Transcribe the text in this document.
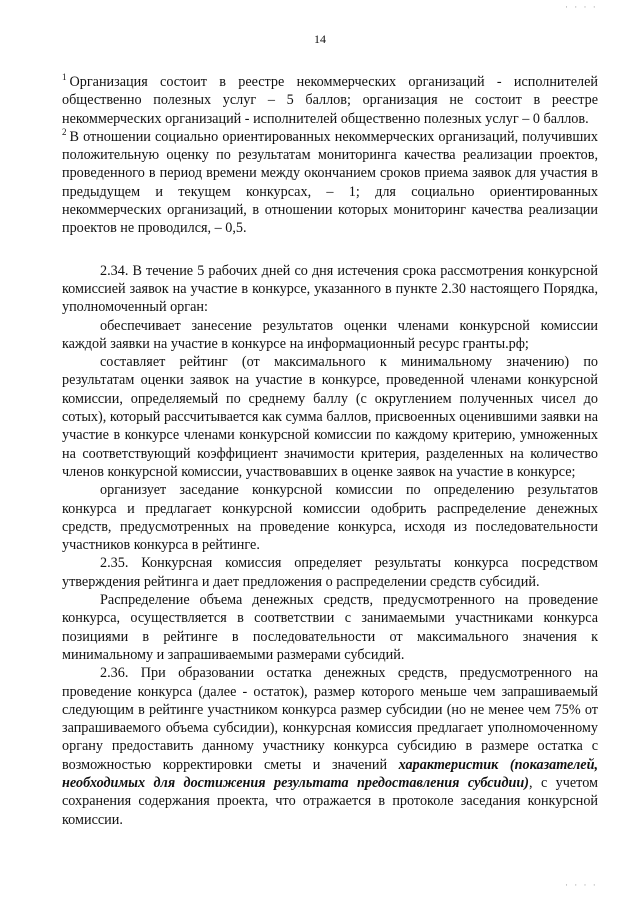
14

$^1$ Организация состоит в реестре некоммерческих организаций - исполнителей общественно полезных услуг – 5 баллов; организация не состоит в реестре некоммерческих организаций - исполнителей общественно полезных услуг – 0 баллов.

$^2$ В отношении социально ориентированных некоммерческих организаций, получивших положительную оценку по результатам мониторинга качества реализации проектов, проведенного в период времени между окончанием сроков приема заявок для участия в предыдущем и текущем конкурсах, – 1; для социально ориентированных некоммерческих организаций, в отношении которых мониторинг качества реализации проектов не проводился, – 0,5.

2.34. В течение 5 рабочих дней со дня истечения срока рассмотрения конкурсной комиссией заявок на участие в конкурсе, указанного в пункте 2.30 настоящего Порядка, уполномоченный орган:

обеспечивает занесение результатов оценки членами конкурсной комиссии каждой заявки на участие в конкурсе на информационный ресурс гранты.рф;

составляет рейтинг (от максимального к минимальному значению) по результатам оценки заявок на участие в конкурсе, проведенной членами конкурсной комиссии, определяемый по среднему баллу (с округлением полученных чисел до сотых), который рассчитывается как сумма баллов, присвоенных оценившими заявки на участие в конкурсе членами конкурсной комиссии по каждому критерию, умноженных на соответствующий коэффициент значимости критерия, разделенных на количество членов конкурсной комиссии, участвовавших в оценке заявок на участие в конкурсе;

организует заседание конкурсной комиссии по определению результатов конкурса и предлагает конкурсной комиссии одобрить распределение денежных средств, предусмотренных на проведение конкурса, исходя из последовательности участников конкурса в рейтинге.

2.35. Конкурсная комиссия определяет результаты конкурса посредством утверждения рейтинга и дает предложения о распределении средств субсидий.

Распределение объема денежных средств, предусмотренного на проведение конкурса, осуществляется в соответствии с занимаемыми участниками конкурса позициями в рейтинге в последовательности от максимального значения к минимальному и запрашиваемыми размерами субсидий.

2.36. При образовании остатка денежных средств, предусмотренного на проведение конкурса (далее - остаток), размер которого меньше чем запрашиваемый следующим в рейтинге участником конкурса размер субсидии (но не менее чем 75% от запрашиваемого объема субсидии), конкурсная комиссия предлагает уполномоченному органу предоставить данному участнику конкурса субсидию в размере остатка с возможностью корректировки сметы и значений характеристик (показателей, необходимых для достижения результата предоставления субсидии), с учетом сохранения содержания проекта, что отражается в протоколе заседания конкурсной комиссии.

· · · ·
· · · ·
